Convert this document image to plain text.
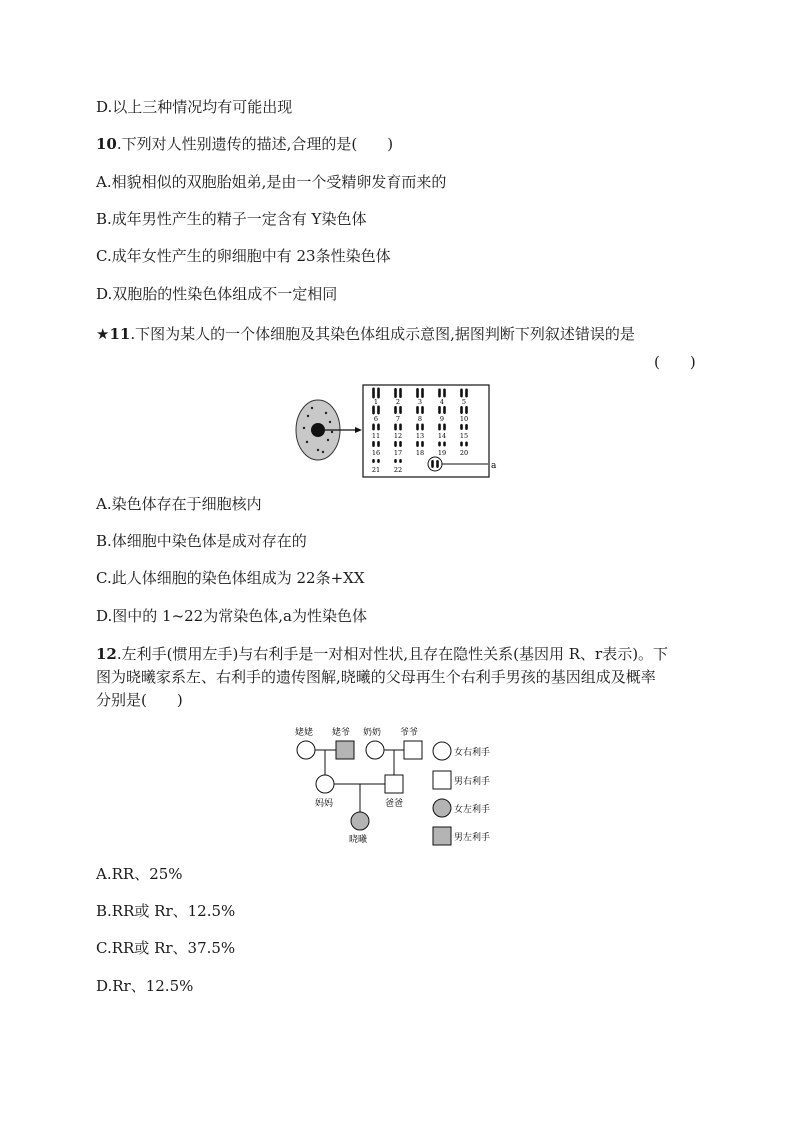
D.以上三种情况均有可能出现
10.下列对人性别遗传的描述,合理的是(　　)
A.相貌相似的双胞胎姐弟,是由一个受精卵发育而来的
B.成年男性产生的精子一定含有 Y染色体
C.成年女性产生的卵细胞中有 23条性染色体
D.双胞胎的性染色体组成不一定相同
★11.下图为某人的一个体细胞及其染色体组成示意图,据图判断下列叙述错误的是
(　　)
1	2	3	4	5
6	7	8	9 10
11 12 13 14 15
16 17 18 19 20
21 22	a
A.染色体存在于细胞核内
B.体细胞中染色体是成对存在的
C.此人体细胞的染色体组成为 22条+XX
D.图中的 1~22为常染色体,a为性染色体
12.左利手(惯用左手)与右利手是一对相对性状,且存在隐性关系(基因用 R、r表示)。下
图为晓曦家系左、右利手的遗传图解,晓曦的父母再生个右利手男孩的基因组成及概率
分别是(　　)
姥姥 姥爷 奶奶 爷爷
妈妈	爸爸
晓曦
女右利手
男右利手
女左利手
男左利手
A.RR、25%
B.RR或 Rr、12.5%
C.RR或 Rr、37.5%
D.Rr、12.5%
